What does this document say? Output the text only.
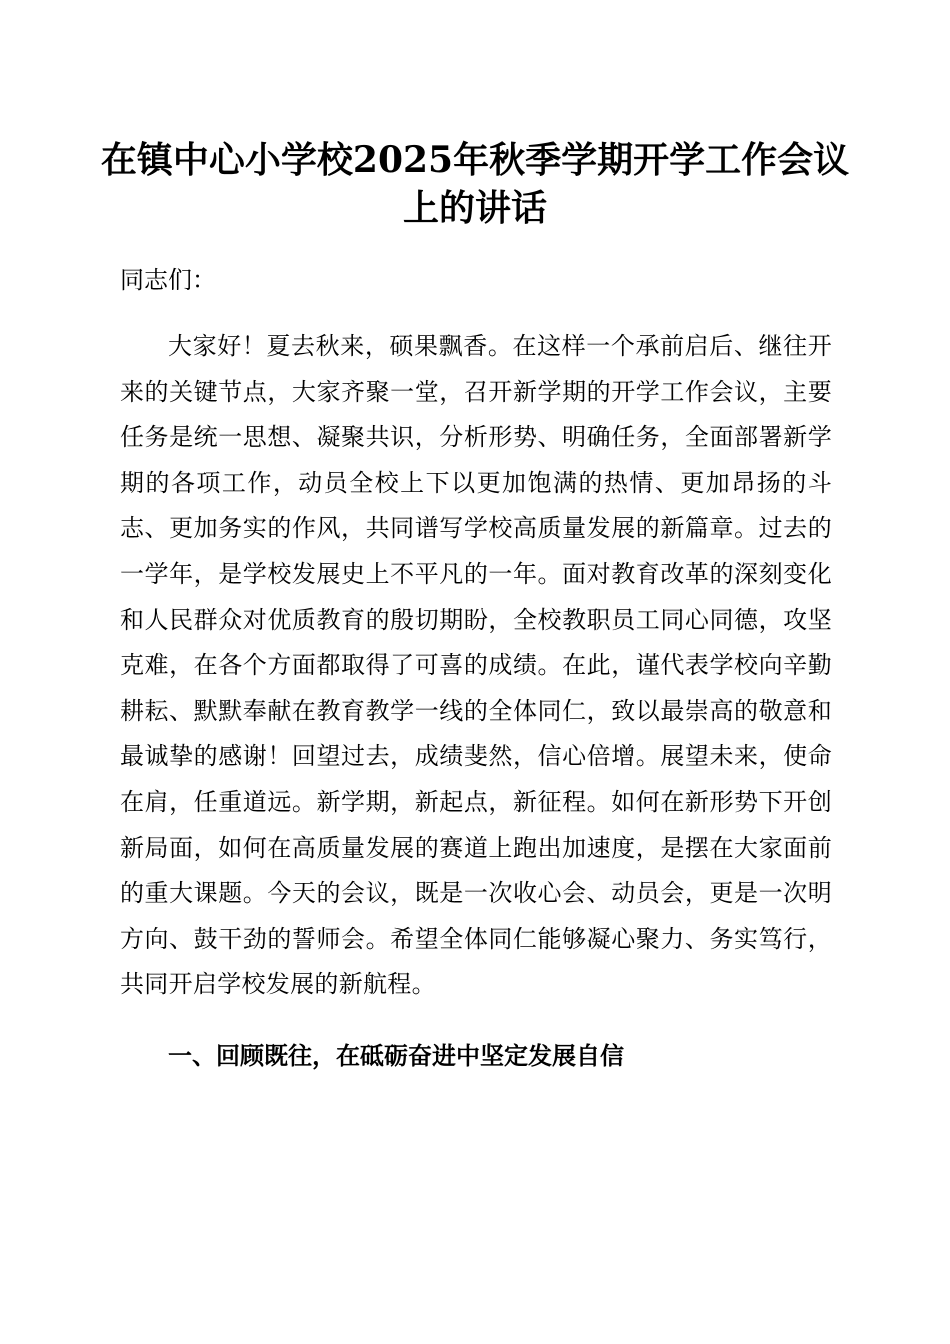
在镇中心小学校2025年秋季学期开学工作会议上的讲话

同志们：

大家好！夏去秋来，硕果飘香。在这样一个承前启后、继往开来的关键节点，大家齐聚一堂，召开新学期的开学工作会议，主要任务是统一思想、凝聚共识，分析形势、明确任务，全面部署新学期的各项工作，动员全校上下以更加饱满的热情、更加昂扬的斗志、更加务实的作风，共同谱写学校高质量发展的新篇章。过去的一学年，是学校发展史上不平凡的一年。面对教育改革的深刻变化和人民群众对优质教育的殷切期盼，全校教职员工同心同德，攻坚克难，在各个方面都取得了可喜的成绩。在此，谨代表学校向辛勤耕耘、默默奉献在教育教学一线的全体同仁，致以最崇高的敬意和最诚挚的感谢！回望过去，成绩斐然，信心倍增。展望未来，使命在肩，任重道远。新学期，新起点，新征程。如何在新形势下开创新局面，如何在高质量发展的赛道上跑出加速度，是摆在大家面前的重大课题。今天的会议，既是一次收心会、动员会，更是一次明方向、鼓干劲的誓师会。希望全体同仁能够凝心聚力、务实笃行，共同开启学校发展的新航程。

一、回顾既往，在砥砺奋进中坚定发展自信
